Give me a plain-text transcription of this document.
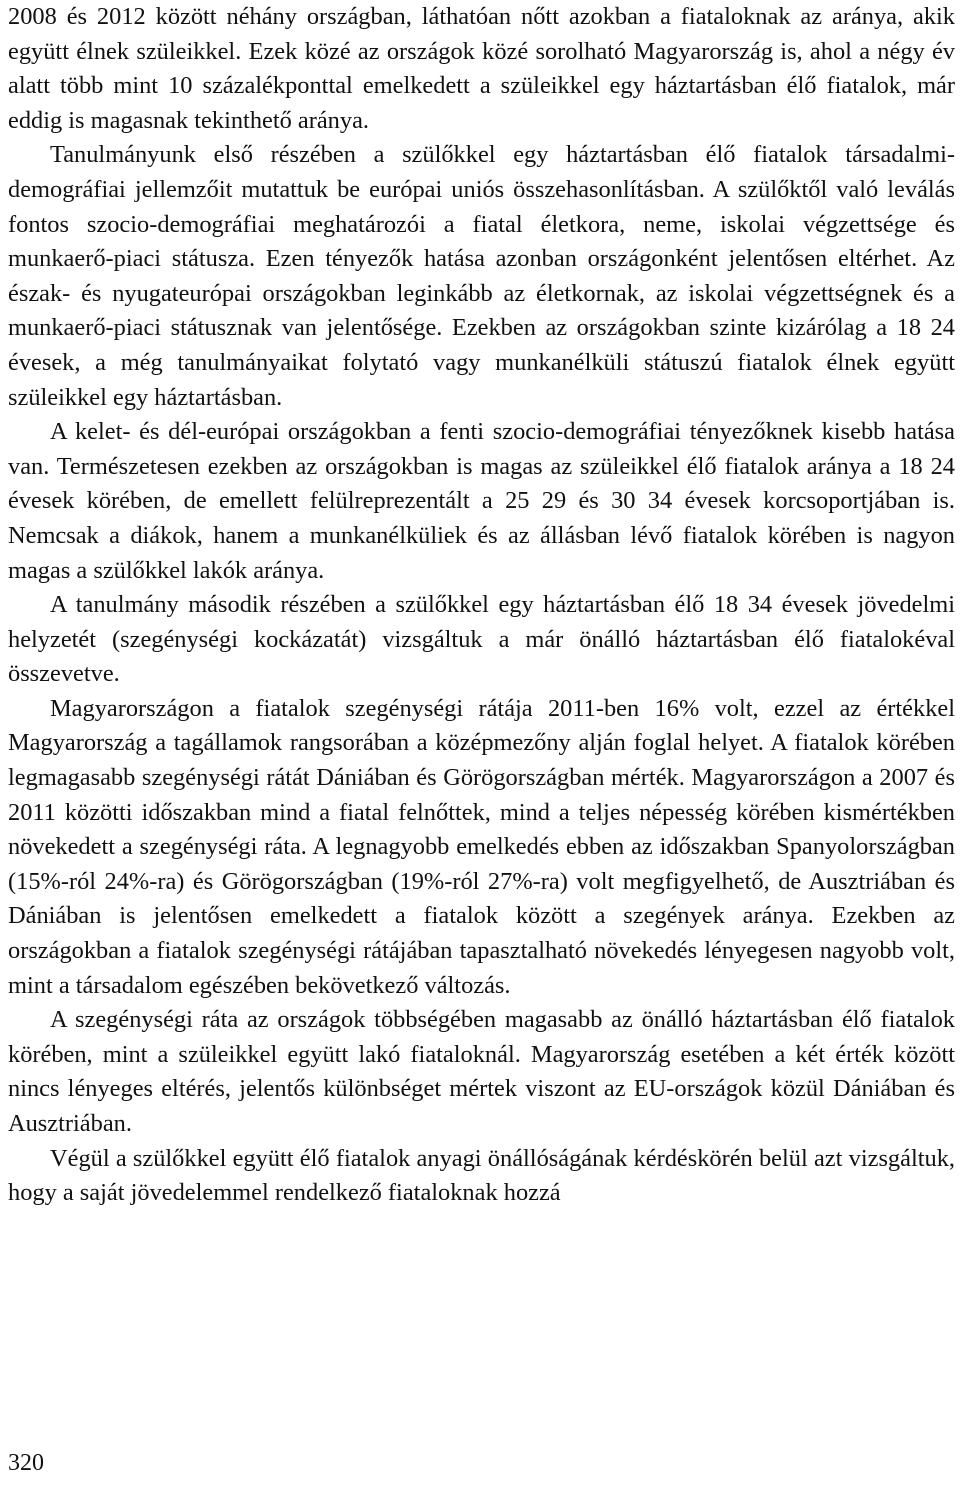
2008 és 2012 között néhány országban, láthatóan nőtt azokban a fiataloknak az aránya, akik együtt élnek szüleikkel. Ezek közé az országok közé sorolható Magyarország is, ahol a négy év alatt több mint 10 százalékponttal emelkedett a szüleikkel egy háztartásban élő fiatalok, már eddig is magasnak tekinthető aránya.

Tanulmányunk első részében a szülőkkel egy háztartásban élő fiatalok társadalmi-demográfiai jellemzőit mutattuk be európai uniós összehasonlításban. A szülőktől való leválás fontos szocio-demográfiai meghatározói a fiatal életkora, neme, iskolai végzettsége és munkaerő-piaci státusza. Ezen tényezők hatása azonban országonként jelentősen eltérhet. Az észak- és nyugateurópai országokban leginkább az életkornak, az iskolai végzettségnek és a munkaerő-piaci státusznak van jelentősége. Ezekben az országokban szinte kizárólag a 18 24 évesek, a még tanulmányaikat folytató vagy munkanélküli státuszú fiatalok élnek együtt szüleikkel egy háztartásban.

A kelet- és dél-európai országokban a fenti szocio-demográfiai tényezőknek kisebb hatása van. Természetesen ezekben az országokban is magas az szüleikkel élő fiatalok aránya a 18 24 évesek körében, de emellett felülreprezentált a 25 29 és 30 34 évesek korcsoportjában is. Nemcsak a diákok, hanem a munkanélküliek és az állásban lévő fiatalok körében is nagyon magas a szülőkkel lakók aránya.

A tanulmány második részében a szülőkkel egy háztartásban élő 18 34 évesek jövedelmi helyzetét (szegénységi kockázatát) vizsgáltuk a már önálló háztartásban élő fiatalokéval összevetve.

Magyarországon a fiatalok szegénységi rátája 2011-ben 16% volt, ezzel az értékkel Magyarország a tagállamok rangsorában a középmezőny alján foglal helyet. A fiatalok körében legmagasabb szegénységi rátát Dániában és Görögországban mérték. Magyarországon a 2007 és 2011 közötti időszakban mind a fiatal felnőttek, mind a teljes népesség körében kismértékben növekedett a szegénységi ráta. A legnagyobb emelkedés ebben az időszakban Spanyolországban (15%-ról 24%-ra) és Görögországban (19%-ról 27%-ra) volt megfigyelhető, de Ausztriában és Dániában is jelentősen emelkedett a fiatalok között a szegények aránya. Ezekben az országokban a fiatalok szegénységi rátájában tapasztalható növekedés lényegesen nagyobb volt, mint a társadalom egészében bekövetkező változás.

A szegénységi ráta az országok többségében magasabb az önálló háztartásban élő fiatalok körében, mint a szüleikkel együtt lakó fiataloknál. Magyarország esetében a két érték között nincs lényeges eltérés, jelentős különbséget mértek viszont az EU-országok közül Dániában és Ausztriában.

Végül a szülőkkel együtt élő fiatalok anyagi önállóságának kérdéskörén belül azt vizsgáltuk, hogy a saját jövedelemmel rendelkező fiataloknak hozzá

320
